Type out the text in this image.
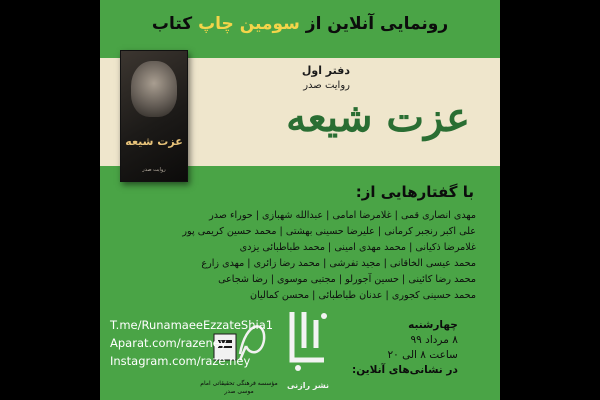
رونمایی آنلاین از سومین چاپ کتاب
عزت شیعه
روایت صدر
دفتر اول
روایت صدر
عزت شیعه
با گفتارهایی از:
مهدی انصاری قمی| غلامرضا امامی| عبدالله شهبازی| حوراء صدر
علی اکبر رنجبر کرمانی| علیرضا حسینی بهشتی| محمد حسین کریمی پور
غلامرضا ذکیانی| محمد مهدی امینی| محمد طباطبائی یزدی
محمد عیسی الخاقانی| مجید تفرشی| محمد رضا زائری| مهدی زارع
محمد رضا کائینی| حسین آجورلو| مجتبی موسوی| رضا شجاعی
محمد حسینی کجوری| عدنان طباطبائی| محسن کمالیان
مؤسسه فرهنگی تحقیقاتی امام موسی صدر
نشر رازنی
چهارشنبه
۸ مرداد ۹۹
ساعت ۸ الی ۲۰
در نشانی‌های آنلاین:
T.me/RunamaeeEzzateShia1
Aparat.com/razeney
Instagram.com/raze.ney
